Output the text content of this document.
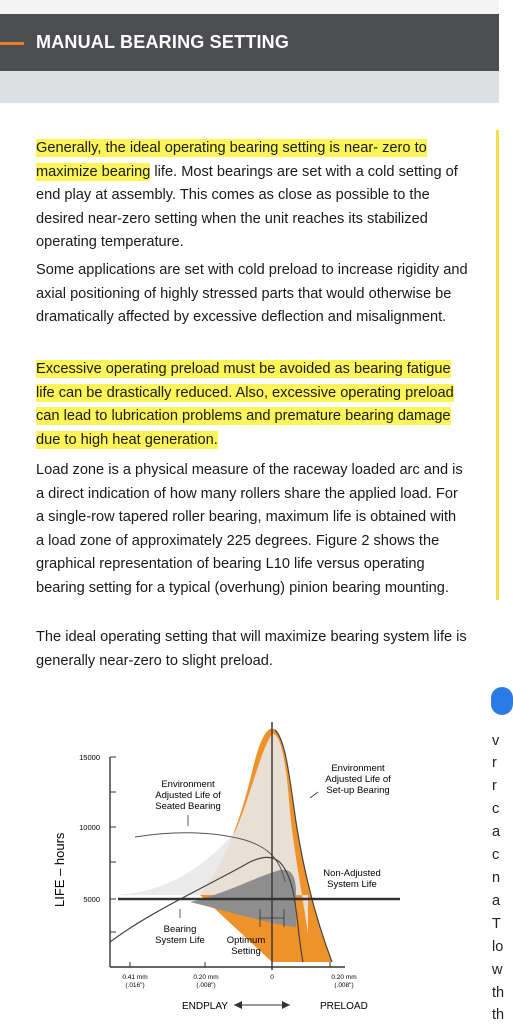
MANUAL BEARING SETTING

Generally, the ideal operating bearing setting is near- zero to maximize bearing life. Most bearings are set with a cold setting of end play at assembly. This comes as close as possible to the desired near-zero setting when the unit reaches its stabilized operating temperature.

Some applications are set with cold preload to increase rigidity and axial positioning of highly stressed parts that would otherwise be dramatically affected by excessive deflection and misalignment.

Excessive operating preload must be avoided as bearing fatigue life can be drastically reduced. Also, excessive operating preload can lead to lubrication problems and premature bearing damage due to high heat generation.

Load zone is a physical measure of the raceway loaded arc and is a direct indication of how many rollers share the applied load. For a single-row tapered roller bearing, maximum life is obtained with a load zone of approximately 225 degrees. Figure 2 shows the graphical representation of bearing L10 life versus operating bearing setting for a typical (overhung) pinion bearing mounting.

The ideal operating setting that will maximize bearing system life is generally near-zero to slight preload.

v
r
r
c
a
c
n
a
T
lo
w
th
th
15000
10000
5000
LIFE – hours
0.41 mm
(.016")
0.20 mm
(.008")
0	0.20 mm
(.008")
ENDPLAY	PRELOAD
Environment
Adjusted Life of
Seated Bearing
Environment
Adjusted Life of
Set-up Bearing
Non-Adjusted
System Life
Bearing
System Life Optimum
Setting
